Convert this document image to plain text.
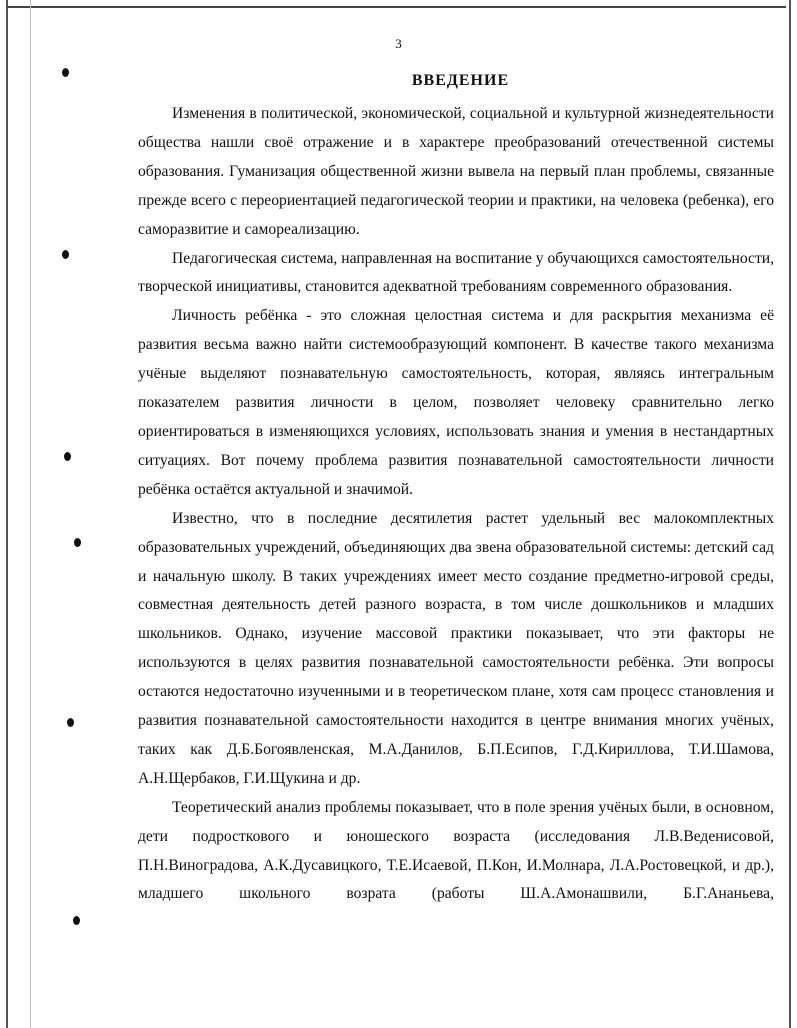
3
ВВЕДЕНИЕ

Изменения в политической, экономической, социальной и культурной жизнедеятельности общества нашли своё отражение и в характере преобразований отечественной системы образования. Гуманизация общественной жизни вывела на первый план проблемы, связанные прежде всего с переориентацией педагогической теории и практики, на человека (ребенка), его саморазвитие и самореализацию.

Педагогическая система, направленная на воспитание у обучающихся самостоятельности, творческой инициативы, становится адекватной требованиям современного образования.

Личность ребёнка - это сложная целостная система и для раскрытия механизма её развития весьма важно найти системообразующий компонент. В качестве такого механизма учёные выделяют познавательную самостоятельность, которая, являясь интегральным показателем развития личности в целом, позволяет человеку сравнительно легко ориентироваться в изменяющихся условиях, использовать знания и умения в нестандартных ситуациях. Вот почему проблема развития познавательной самостоятельности личности ребёнка остаётся актуальной и значимой.

Известно, что в последние десятилетия растет удельный вес малокомплектных образовательных учреждений, объединяющих два звена образовательной системы: детский сад и начальную школу. В таких учреждениях имеет место создание предметно-игровой среды, совместная деятельность детей разного возраста, в том числе дошкольников и младших школьников. Однако, изучение массовой практики показывает, что эти факторы не используются в целях развития познавательной самостоятельности ребёнка. Эти вопросы остаются недостаточно изученными и в теоретическом плане, хотя сам процесс становления и развития познавательной самостоятельности находится в центре внимания многих учёных, таких как Д.Б.Богоявленская, М.А.Данилов, Б.П.Есипов, Г.Д.Кириллова, Т.И.Шамова, А.Н.Щербаков, Г.И.Щукина и др.

Теоретический анализ проблемы показывает, что в поле зрения учёных были, в основном, дети подросткового и юношеского возраста (исследования Л.В.Веденисовой, П.Н.Виноградова, А.К.Дусавицкого, Т.Е.Исаевой, П.Кон, И.Молнара, Л.А.Ростовецкой, и др.), младшего школьного возрата (работы Ш.А.Амонашвили, Б.Г.Ананьева,
